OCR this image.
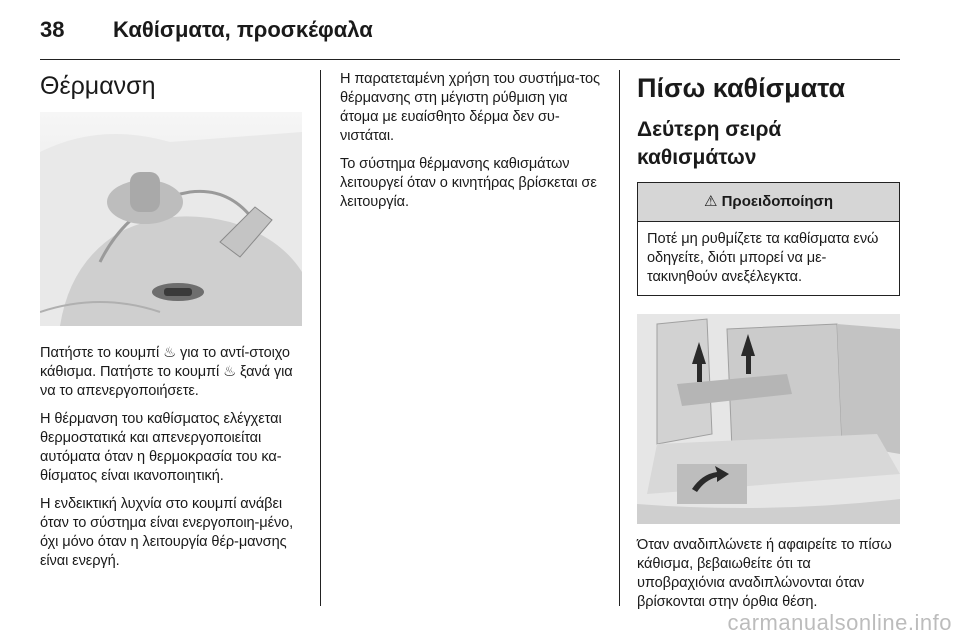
38 Καθίσματα, προσκέφαλα
Θέρμανση

Πατήστε το κουμπί ♨ για το αντί-στοιχο κάθισμα. Πατήστε το κουμπί ♨ ξανά για να το απενεργοποιήσετε.

Η θέρμανση του καθίσματος ελέγχεται θερμοστατικά και απενεργοποιείται αυτόματα όταν η θερμοκρασία του κα-θίσματος είναι ικανοποιητική.

Η ενδεικτική λυχνία στο κουμπί ανάβει όταν το σύστημα είναι ενεργοποιη-μένο, όχι μόνο όταν η λειτουργία θέρ-μανσης είναι ενεργή.

Η παρατεταμένη χρήση του συστήμα-τος θέρμανσης στη μέγιστη ρύθμιση για άτομα με ευαίσθητο δέρμα δεν συ-νιστάται.

Το σύστημα θέρμανσης καθισμάτων λειτουργεί όταν ο κινητήρας βρίσκεται σε λειτουργία.

Πίσω καθίσματα
Δεύτερη σειρά καθισμάτων
⚠ Προειδοποίηση

Ποτέ μη ρυθμίζετε τα καθίσματα ενώ οδηγείτε, διότι μπορεί να με-τακινηθούν ανεξέλεγκτα.

Όταν αναδιπλώνετε ή αφαιρείτε το πίσω κάθισμα, βεβαιωθείτε ότι τα υποβραχιόνια αναδιπλώνονται όταν βρίσκονται στην όρθια θέση.

carmanualsonline.info
